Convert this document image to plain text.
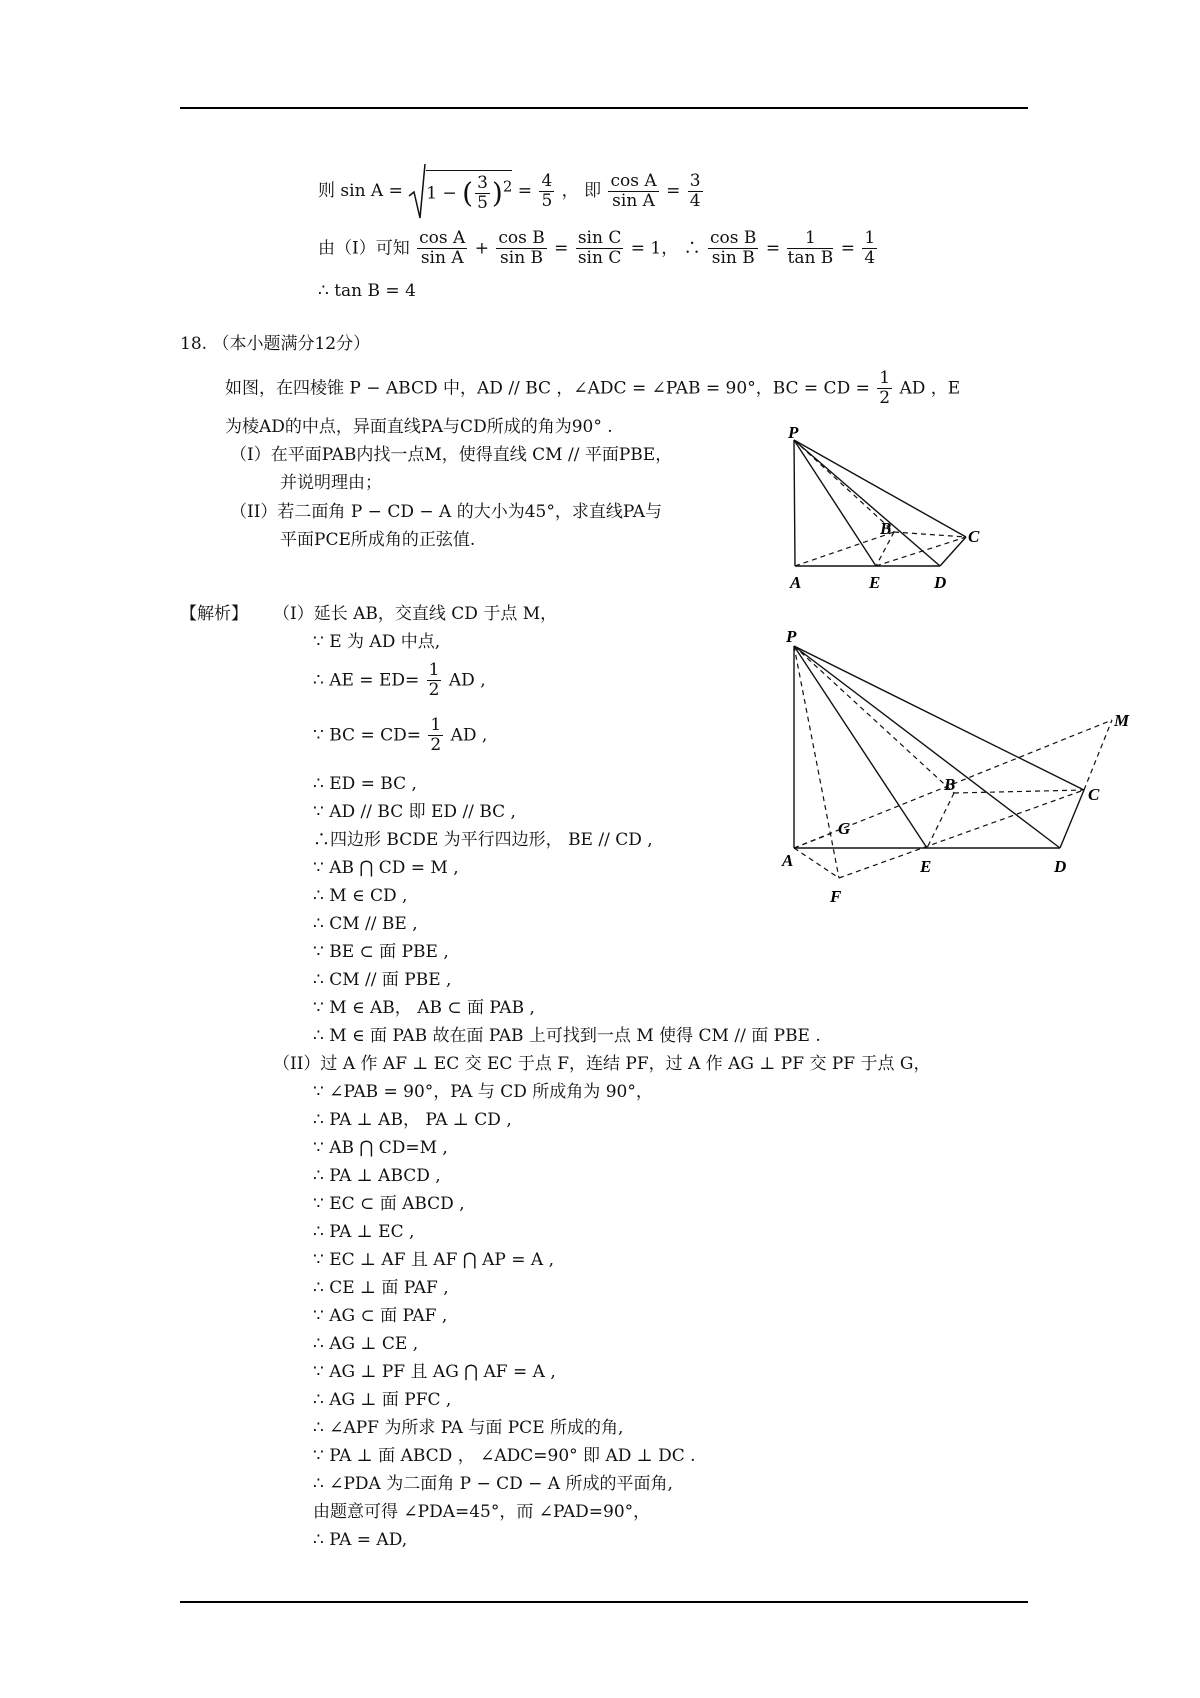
则 sin A = 1 − ( $\frac{3}{5} )^2 = \frac{4}{5}$ ， 即 $\frac{\text{cos A}}{\text{sin A}} = \frac{3}{4}$
由（I）可知 $\frac{\text{cos A}}{\text{sin A}} + \frac{\text{cos B}}{\text{sin B}} = \frac{\text{sin C}}{\text{sin C}} = 1$， ∴ $\frac{\text{cos B}}{\text{sin B}} = \frac{1}{\text{tan B}} = \frac{1}{4}$
∴ tan B = 4
18. （本小题满分12分）
如图，在四棱锥 P − ABCD 中，AD // BC ，∠ADC = ∠PAB = 90°，BC = CD = $\frac{1}{2}$ AD ，E
为棱AD的中点，异面直线PA与CD所成的角为90° .
（I）在平面PAB内找一点M，使得直线 CM // 平面PBE，
并说明理由；
（II）若二面角 P − CD − A 的大小为45°，求直线PA与
平面PCE所成角的正弦值.
P
B	C
A	E	D
【解析】 （I）延长 AB，交直线 CD 于点 M，
∵ E 为 AD 中点,
∴ AE = $ED= \frac{1}{2}$ AD ,
∵ BC = $CD= \frac{1}{2}$ AD ,
∴ ED = BC ,
∵ AD // BC 即 ED // BC ,
∴四边形 BCDE 为平行四边形， BE // CD ,
∵ AB ⋂ CD = M ,
∴ M ∈ CD ,
∴ CM // BE ,
∵ BE ⊂ 面 PBE ,
∴ CM // 面 PBE ,
∵ M ∈ AB， AB ⊂ 面 PAB ,
∴ M ∈ 面 PAB 故在面 PAB 上可找到一点 M 使得 CM // 面 PBE .
（II）过 A 作 AF ⊥ EC 交 EC 于点 F，连结 PF，过 A 作 AG ⊥ PF 交 PF 于点 G，
∵ ∠PAB = 90°，PA 与 CD 所成角为 90°，
∴ PA ⊥ AB， PA ⊥ CD ,
∵ AB ⋂ CD=M ,
∴ PA ⊥ ABCD ,
∵ EC ⊂ 面 ABCD ,
∴ PA ⊥ EC ,
∵ EC ⊥ AF 且 AF ⋂ AP = A ,
∴ CE ⊥ 面 PAF ,
∵ AG ⊂ 面 PAF ,
∴ AG ⊥ CE ,
∵ AG ⊥ PF 且 AG ⋂ AF = A ,
∴ AG ⊥ 面 PFC ,
∴ ∠APF 为所求 PA 与面 PCE 所成的角,
∵ PA ⊥ 面 ABCD ， ∠ADC=90° 即 AD ⊥ DC .
∴ ∠PDA 为二面角 P − CD − A 所成的平面角,
由题意可得 ∠PDA=45°，而 ∠PAD=90°，
∴ PA = AD,
P
M
B
C
G
A	E	D
F
